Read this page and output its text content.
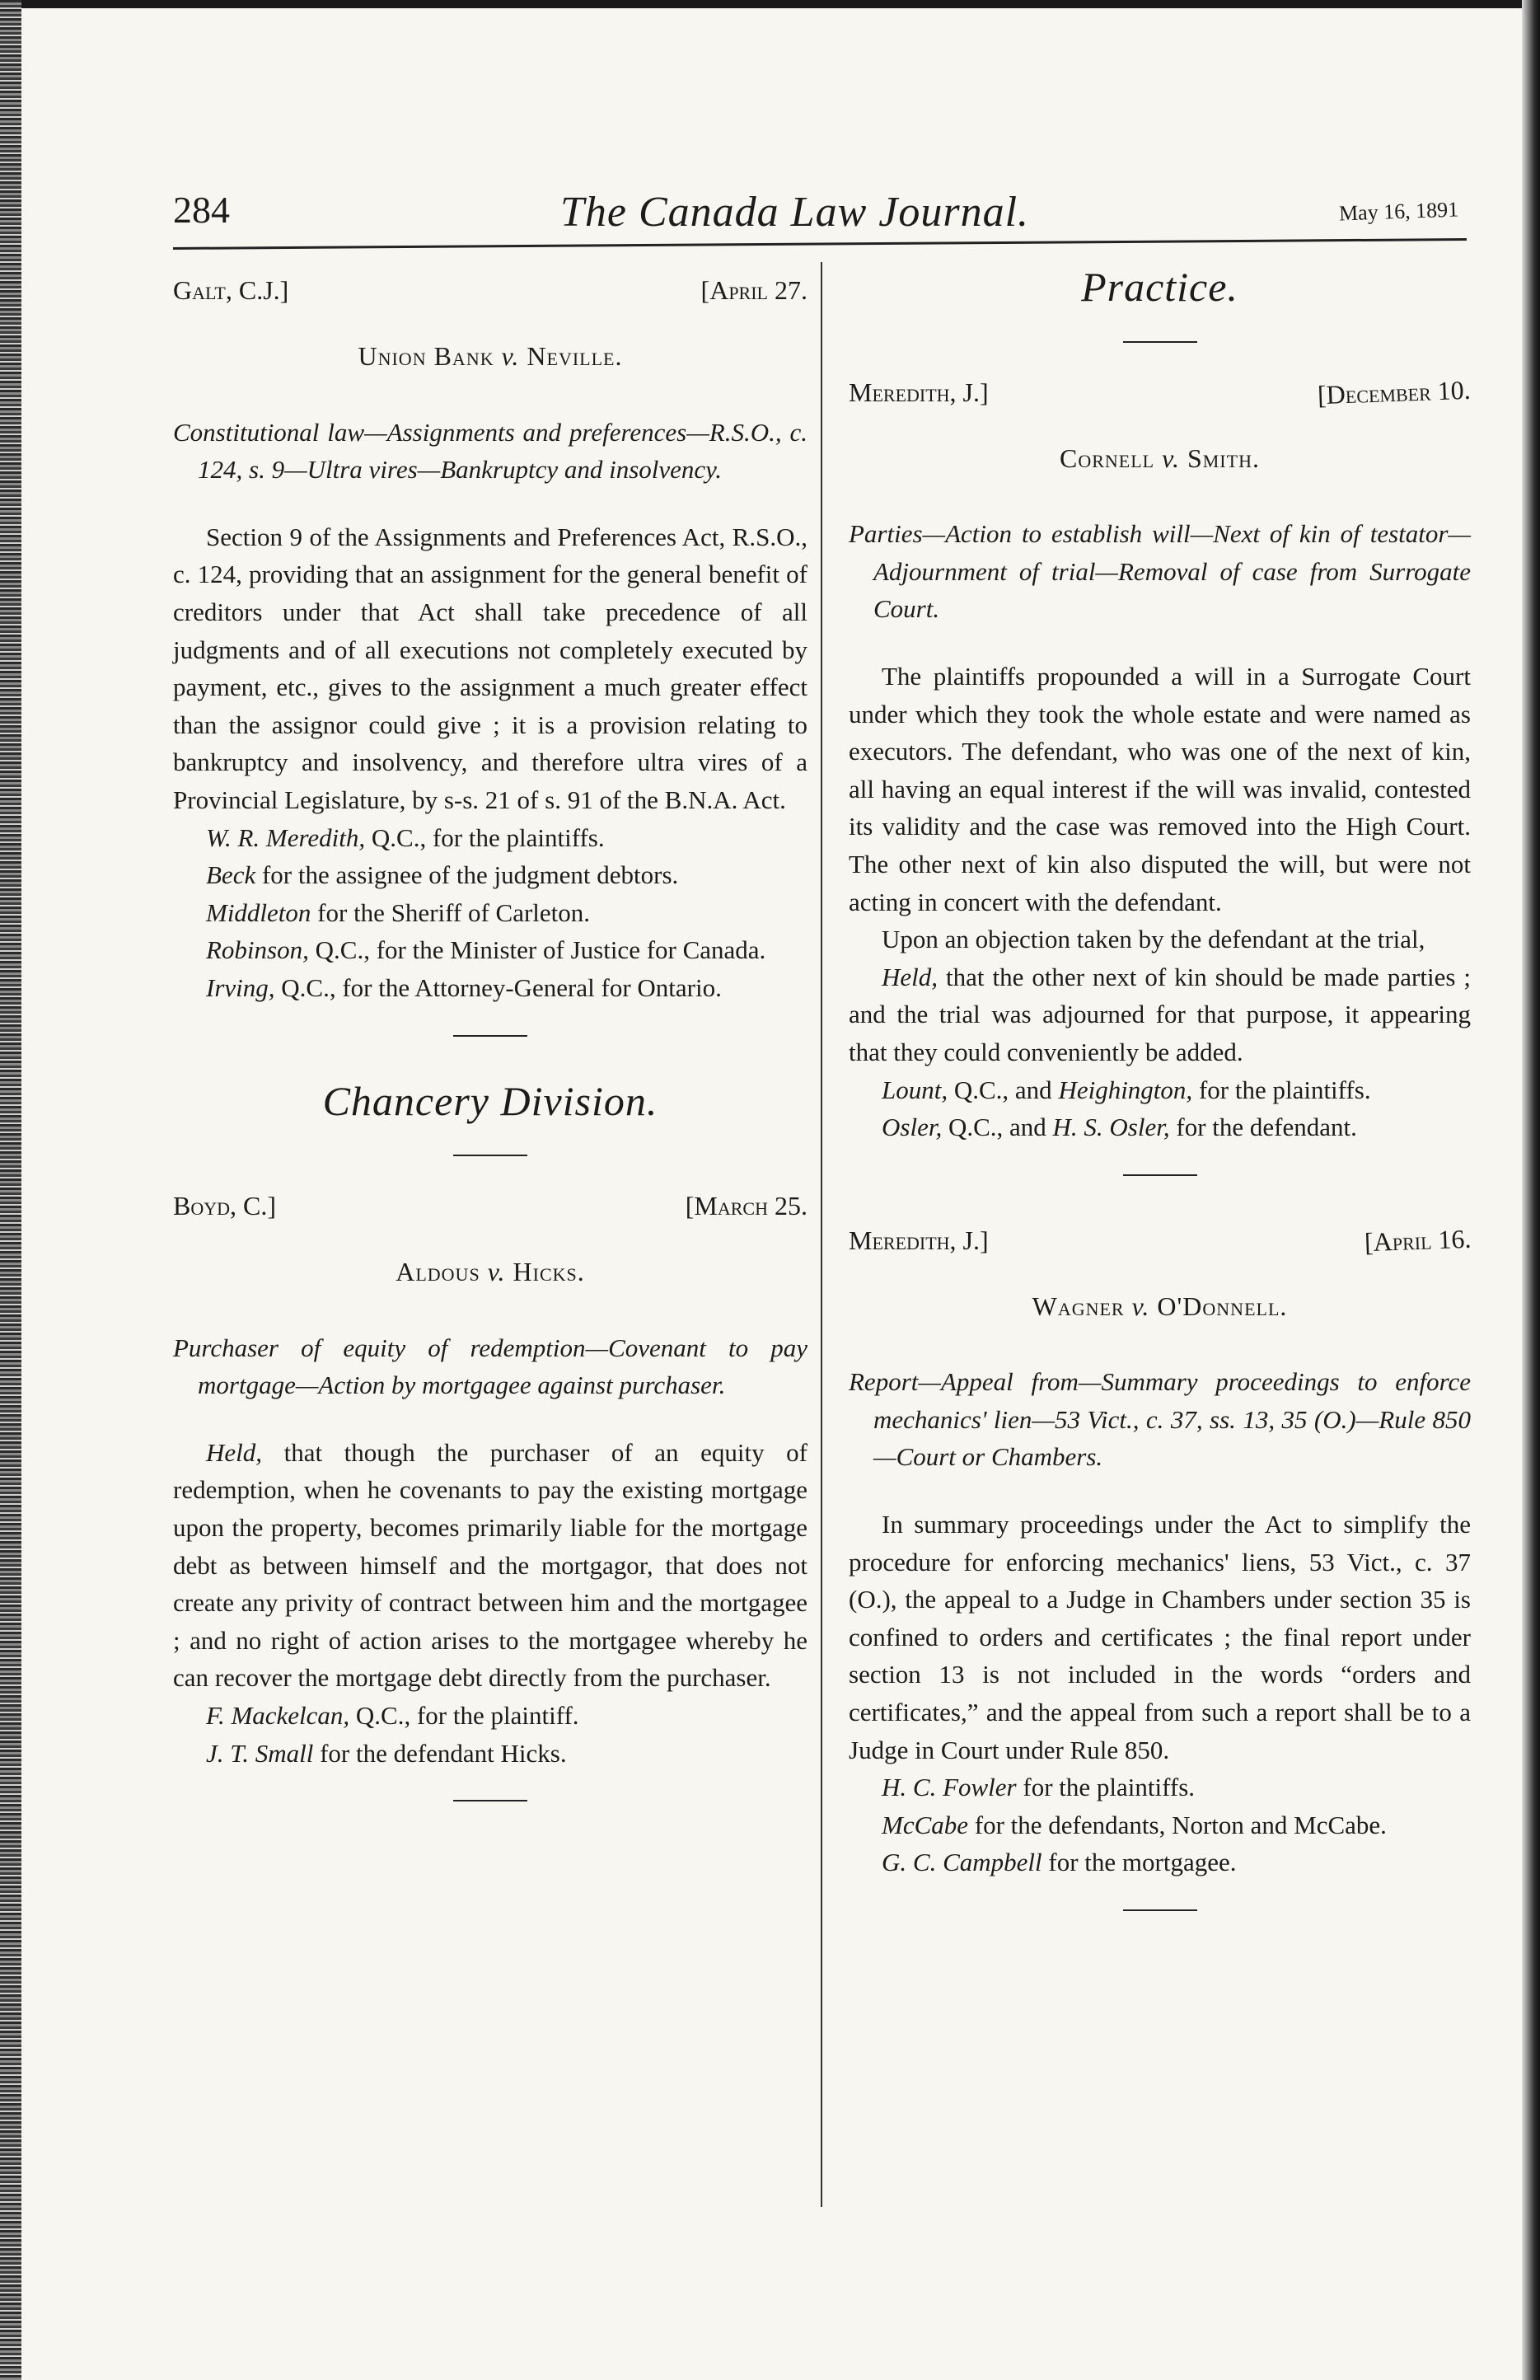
284	The Canada Law Journal.	May 16, 1891
Galt, C.J.]	[April 27.
Union Bank v. Neville.

Constitutional law—Assignments and preferences—R.S.O., c. 124, s. 9—Ultra vires—Bankruptcy and insolvency.

Section 9 of the Assignments and Preferences Act, R.S.O., c. 124, providing that an assignment for the general benefit of creditors under that Act shall take precedence of all judgments and of all executions not completely executed by payment, etc., gives to the assignment a much greater effect than the assignor could give ; it is a provision relating to bankruptcy and insolvency, and therefore ultra vires of a Provincial Legislature, by s-s. 21 of s. 91 of the B.N.A. Act.

W. R. Meredith, Q.C., for the plaintiffs.

Beck for the assignee of the judgment debtors.

Middleton for the Sheriff of Carleton.

Robinson, Q.C., for the Minister of Justice for Canada.

Irving, Q.C., for the Attorney-General for Ontario.

Chancery Division.
Boyd, C.]	[March 25.
Aldous v. Hicks.

Purchaser of equity of redemption—Covenant to pay mortgage—Action by mortgagee against purchaser.

Held, that though the purchaser of an equity of redemption, when he covenants to pay the existing mortgage upon the property, becomes primarily liable for the mortgage debt as between himself and the mortgagor, that does not create any privity of contract between him and the mortgagee ; and no right of action arises to the mortgagee whereby he can recover the mortgage debt directly from the purchaser.

F. Mackelcan, Q.C., for the plaintiff.

J. T. Small for the defendant Hicks.

Practice.
Meredith, J.]	[December 10.
Cornell v. Smith.

Parties—Action to establish will—Next of kin of testator—Adjournment of trial—Removal of case from Surrogate Court.

The plaintiffs propounded a will in a Surrogate Court under which they took the whole estate and were named as executors. The defendant, who was one of the next of kin, all having an equal interest if the will was invalid, contested its validity and the case was removed into the High Court. The other next of kin also disputed the will, but were not acting in concert with the defendant.

Upon an objection taken by the defendant at the trial,

Held, that the other next of kin should be made parties ; and the trial was adjourned for that purpose, it appearing that they could conveniently be added.

Lount, Q.C., and Heighington, for the plaintiffs.

Osler, Q.C., and H. S. Osler, for the defendant.

Meredith, J.]	[April 16.
Wagner v. O'Donnell.

Report—Appeal from—Summary proceedings to enforce mechanics' lien—53 Vict., c. 37, ss. 13, 35 (O.)—Rule 850—Court or Chambers.

In summary proceedings under the Act to simplify the procedure for enforcing mechanics' liens, 53 Vict., c. 37 (O.), the appeal to a Judge in Chambers under section 35 is confined to orders and certificates ; the final report under section 13 is not included in the words “orders and certificates,” and the appeal from such a report shall be to a Judge in Court under Rule 850.

H. C. Fowler for the plaintiffs.

McCabe for the defendants, Norton and McCabe.

G. C. Campbell for the mortgagee.
